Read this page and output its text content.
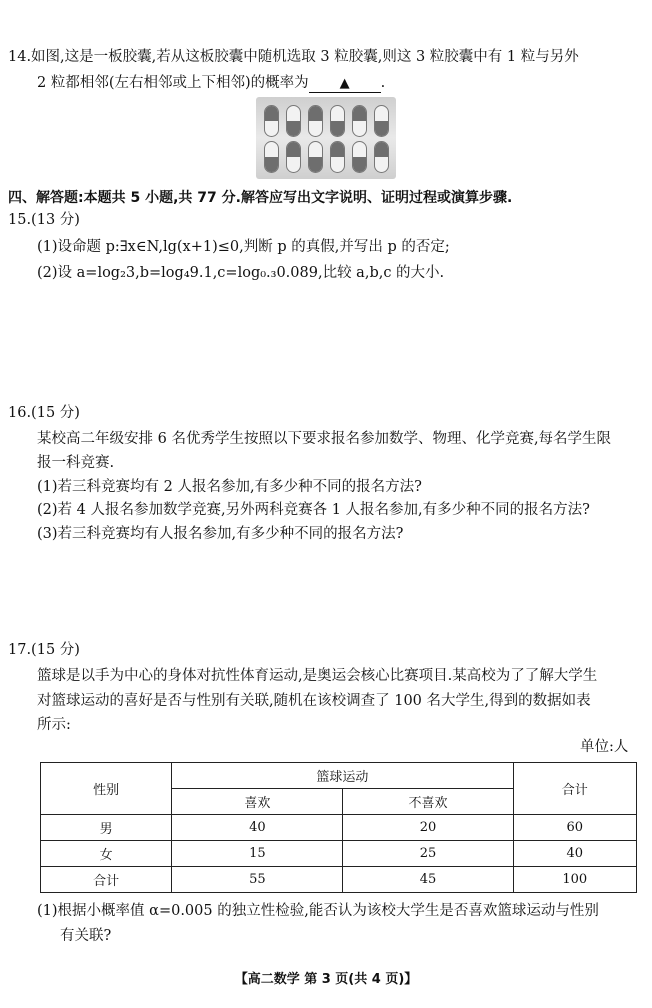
14.如图,这是一板胶囊,若从这板胶囊中随机选取 3 粒胶囊,则这 3 粒胶囊中有 1 粒与另外
2 粒都相邻(左右相邻或上下相邻)的概率为 ▲ .
四、解答题:本题共 5 小题,共 77 分.解答应写出文字说明、证明过程或演算步骤.
15.(13 分)
(1)设命题 p:∃x∈N,lg(x+1)≤0,判断 p 的真假,并写出 p 的否定;
(2)设 a=log₂3,b=log₄9.1,c=log₀.₃0.089,比较 a,b,c 的大小.
16.(15 分)
某校高二年级安排 6 名优秀学生按照以下要求报名参加数学、物理、化学竞赛,每名学生限
报一科竞赛.
(1)若三科竞赛均有 2 人报名参加,有多少种不同的报名方法?
(2)若 4 人报名参加数学竞赛,另外两科竞赛各 1 人报名参加,有多少种不同的报名方法?
(3)若三科竞赛均有人报名参加,有多少种不同的报名方法?
17.(15 分)
篮球是以手为中心的身体对抗性体育运动,是奥运会核心比赛项目.某高校为了了解大学生
对篮球运动的喜好是否与性别有关联,随机在该校调查了 100 名大学生,得到的数据如表
所示:
单位:人
性别	篮球运动		合计
	喜欢	不喜欢	
男	40	20	60
女	15	25	40
合计	55	45	100
(1)根据小概率值 α=0.005 的独立性检验,能否认为该校大学生是否喜欢篮球运动与性别
有关联?
【高二数学 第 3 页(共 4 页)】
